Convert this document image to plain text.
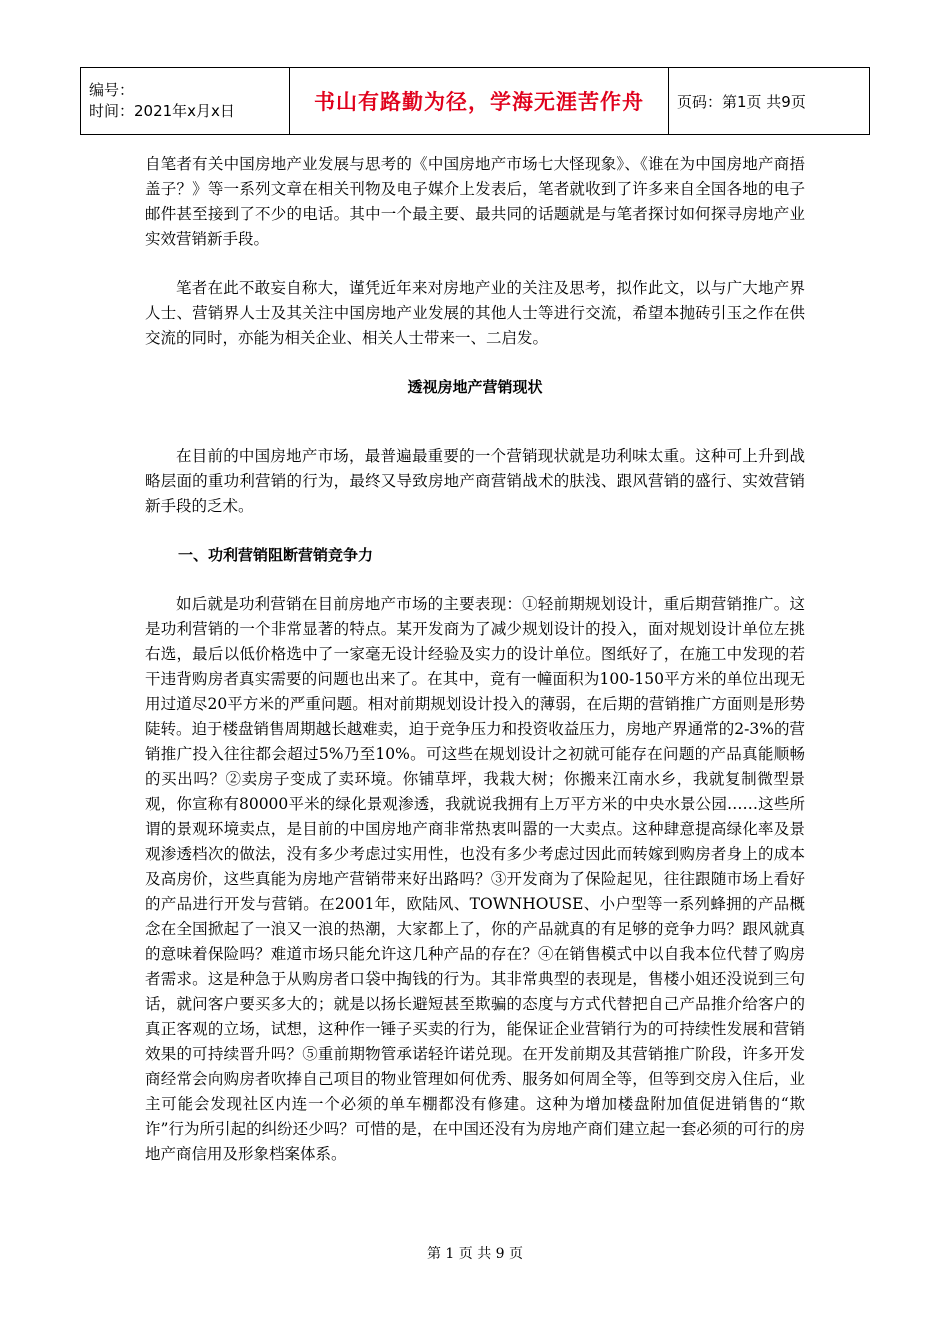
编号：
时间：2021年x月x日	书山有路勤为径，学海无涯苦作舟	页码：第1页 共9页

自笔者有关中国房地产业发展与思考的《中国房地产市场七大怪现象》、《谁在为中国房地产商捂盖子？》等一系列文章在相关刊物及电子媒介上发表后，笔者就收到了许多来自全国各地的电子邮件甚至接到了不少的电话。其中一个最主要、最共同的话题就是与笔者探讨如何探寻房地产业实效营销新手段。

笔者在此不敢妄自称大，谨凭近年来对房地产业的关注及思考，拟作此文，以与广大地产界人士、营销界人士及其关注中国房地产业发展的其他人士等进行交流，希望本抛砖引玉之作在供交流的同时，亦能为相关企业、相关人士带来一、二启发。

透视房地产营销现状

在目前的中国房地产市场，最普遍最重要的一个营销现状就是功利味太重。这种可上升到战略层面的重功利营销的行为，最终又导致房地产商营销战术的肤浅、跟风营销的盛行、实效营销新手段的乏术。

一、功利营销阻断营销竞争力

如后就是功利营销在目前房地产市场的主要表现：①轻前期规划设计，重后期营销推广。这是功利营销的一个非常显著的特点。某开发商为了减少规划设计的投入，面对规划设计单位左挑右选，最后以低价格选中了一家毫无设计经验及实力的设计单位。图纸好了，在施工中发现的若干违背购房者真实需要的问题也出来了。在其中，竟有一幢面积为100-150平方米的单位出现无用过道尽20平方米的严重问题。相对前期规划设计投入的薄弱，在后期的营销推广方面则是形势陡转。迫于楼盘销售周期越长越难卖，迫于竞争压力和投资收益压力，房地产界通常的2-3%的营销推广投入往往都会超过5%乃至10%。可这些在规划设计之初就可能存在问题的产品真能顺畅的买出吗？②卖房子变成了卖环境。你铺草坪，我栽大树；你搬来江南水乡，我就复制微型景观，你宣称有80000平米的绿化景观渗透，我就说我拥有上万平方米的中央水景公园……这些所谓的景观环境卖点，是目前的中国房地产商非常热衷叫嚣的一大卖点。这种肆意提高绿化率及景观渗透档次的做法，没有多少考虑过实用性，也没有多少考虑过因此而转嫁到购房者身上的成本及高房价，这些真能为房地产营销带来好出路吗？③开发商为了保险起见，往往跟随市场上看好的产品进行开发与营销。在2001年，欧陆风、TOWNHOUSE、小户型等一系列蜂拥的产品概念在全国掀起了一浪又一浪的热潮，大家都上了，你的产品就真的有足够的竞争力吗？跟风就真的意味着保险吗？难道市场只能允许这几种产品的存在？④在销售模式中以自我本位代替了购房者需求。这是种急于从购房者口袋中掏钱的行为。其非常典型的表现是，售楼小姐还没说到三句话，就问客户要买多大的；就是以扬长避短甚至欺骗的态度与方式代替把自己产品推介给客户的真正客观的立场，试想，这种作一锤子买卖的行为，能保证企业营销行为的可持续性发展和营销效果的可持续晋升吗？⑤重前期物管承诺轻许诺兑现。在开发前期及其营销推广阶段，许多开发商经常会向购房者吹捧自己项目的物业管理如何优秀、服务如何周全等，但等到交房入住后，业主可能会发现社区内连一个必须的单车棚都没有修建。这种为增加楼盘附加值促进销售的“欺诈”行为所引起的纠纷还少吗？可惜的是，在中国还没有为房地产商们建立起一套必须的可行的房地产商信用及形象档案体系。

第 1 页 共 9 页
